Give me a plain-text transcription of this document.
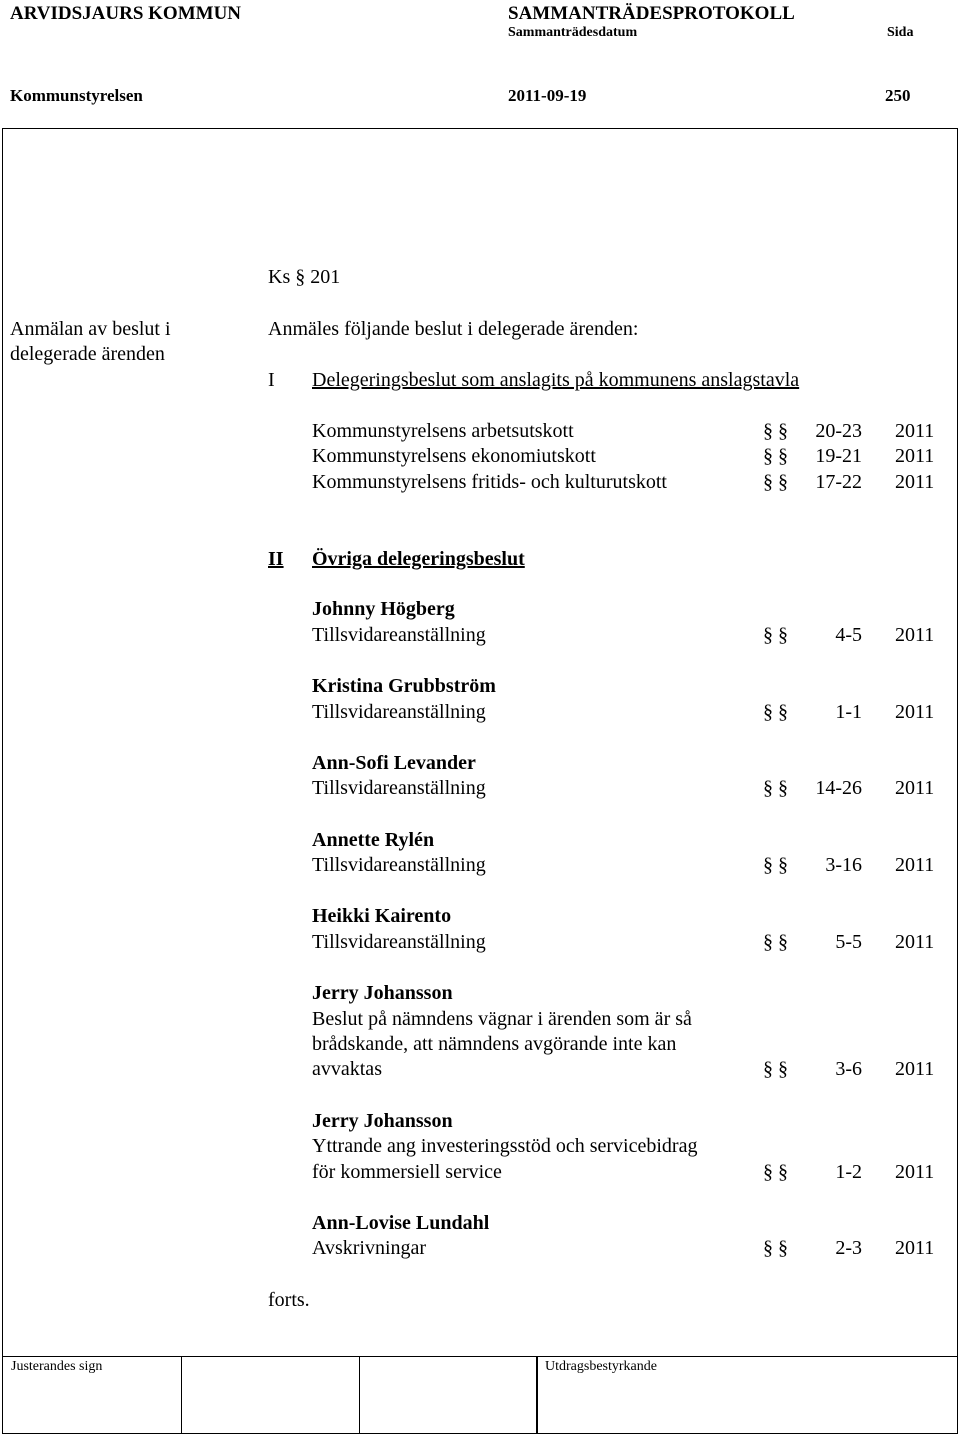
ARVIDSJAURS KOMMUN	SAMMANTRÄDESPROTOKOLL
Sammanträdesdatum	Sida
Kommunstyrelsen	2011-09-19	250
Ks § 201
Anmälan av beslut i
delegerade ärenden
Anmäles följande beslut i delegerade ärenden:
I Delegeringsbeslut som anslagits på kommunens anslagstavla
Kommunstyrelsens arbetsutskott	§ §	20-23 2011
Kommunstyrelsens ekonomiutskott	§ §	19-21 2011
Kommunstyrelsens fritids- och kulturutskott	§ §	17-22 2011
II Övriga delegeringsbeslut
Johnny Högberg
Tillsvidareanställning	§ §	4-5 2011
Kristina Grubbström
Tillsvidareanställning	§ §	1-1 2011
Ann-Sofi Levander
Tillsvidareanställning	§ §	14-26 2011
Annette Rylén
Tillsvidareanställning	§ §	3-16 2011
Heikki Kairento
Tillsvidareanställning	§ §	5-5 2011
Jerry Johansson
Beslut på nämndens vägnar i ärenden som är så
brådskande, att nämndens avgörande inte kan
avvaktas	§ §	3-6 2011
Jerry Johansson
Yttrande ang investeringsstöd och servicebidrag
för kommersiell service	§ §	1-2 2011
Ann-Lovise Lundahl
Avskrivningar	§ §	2-3 2011
forts.
Justerandes sign	Utdragsbestyrkande
